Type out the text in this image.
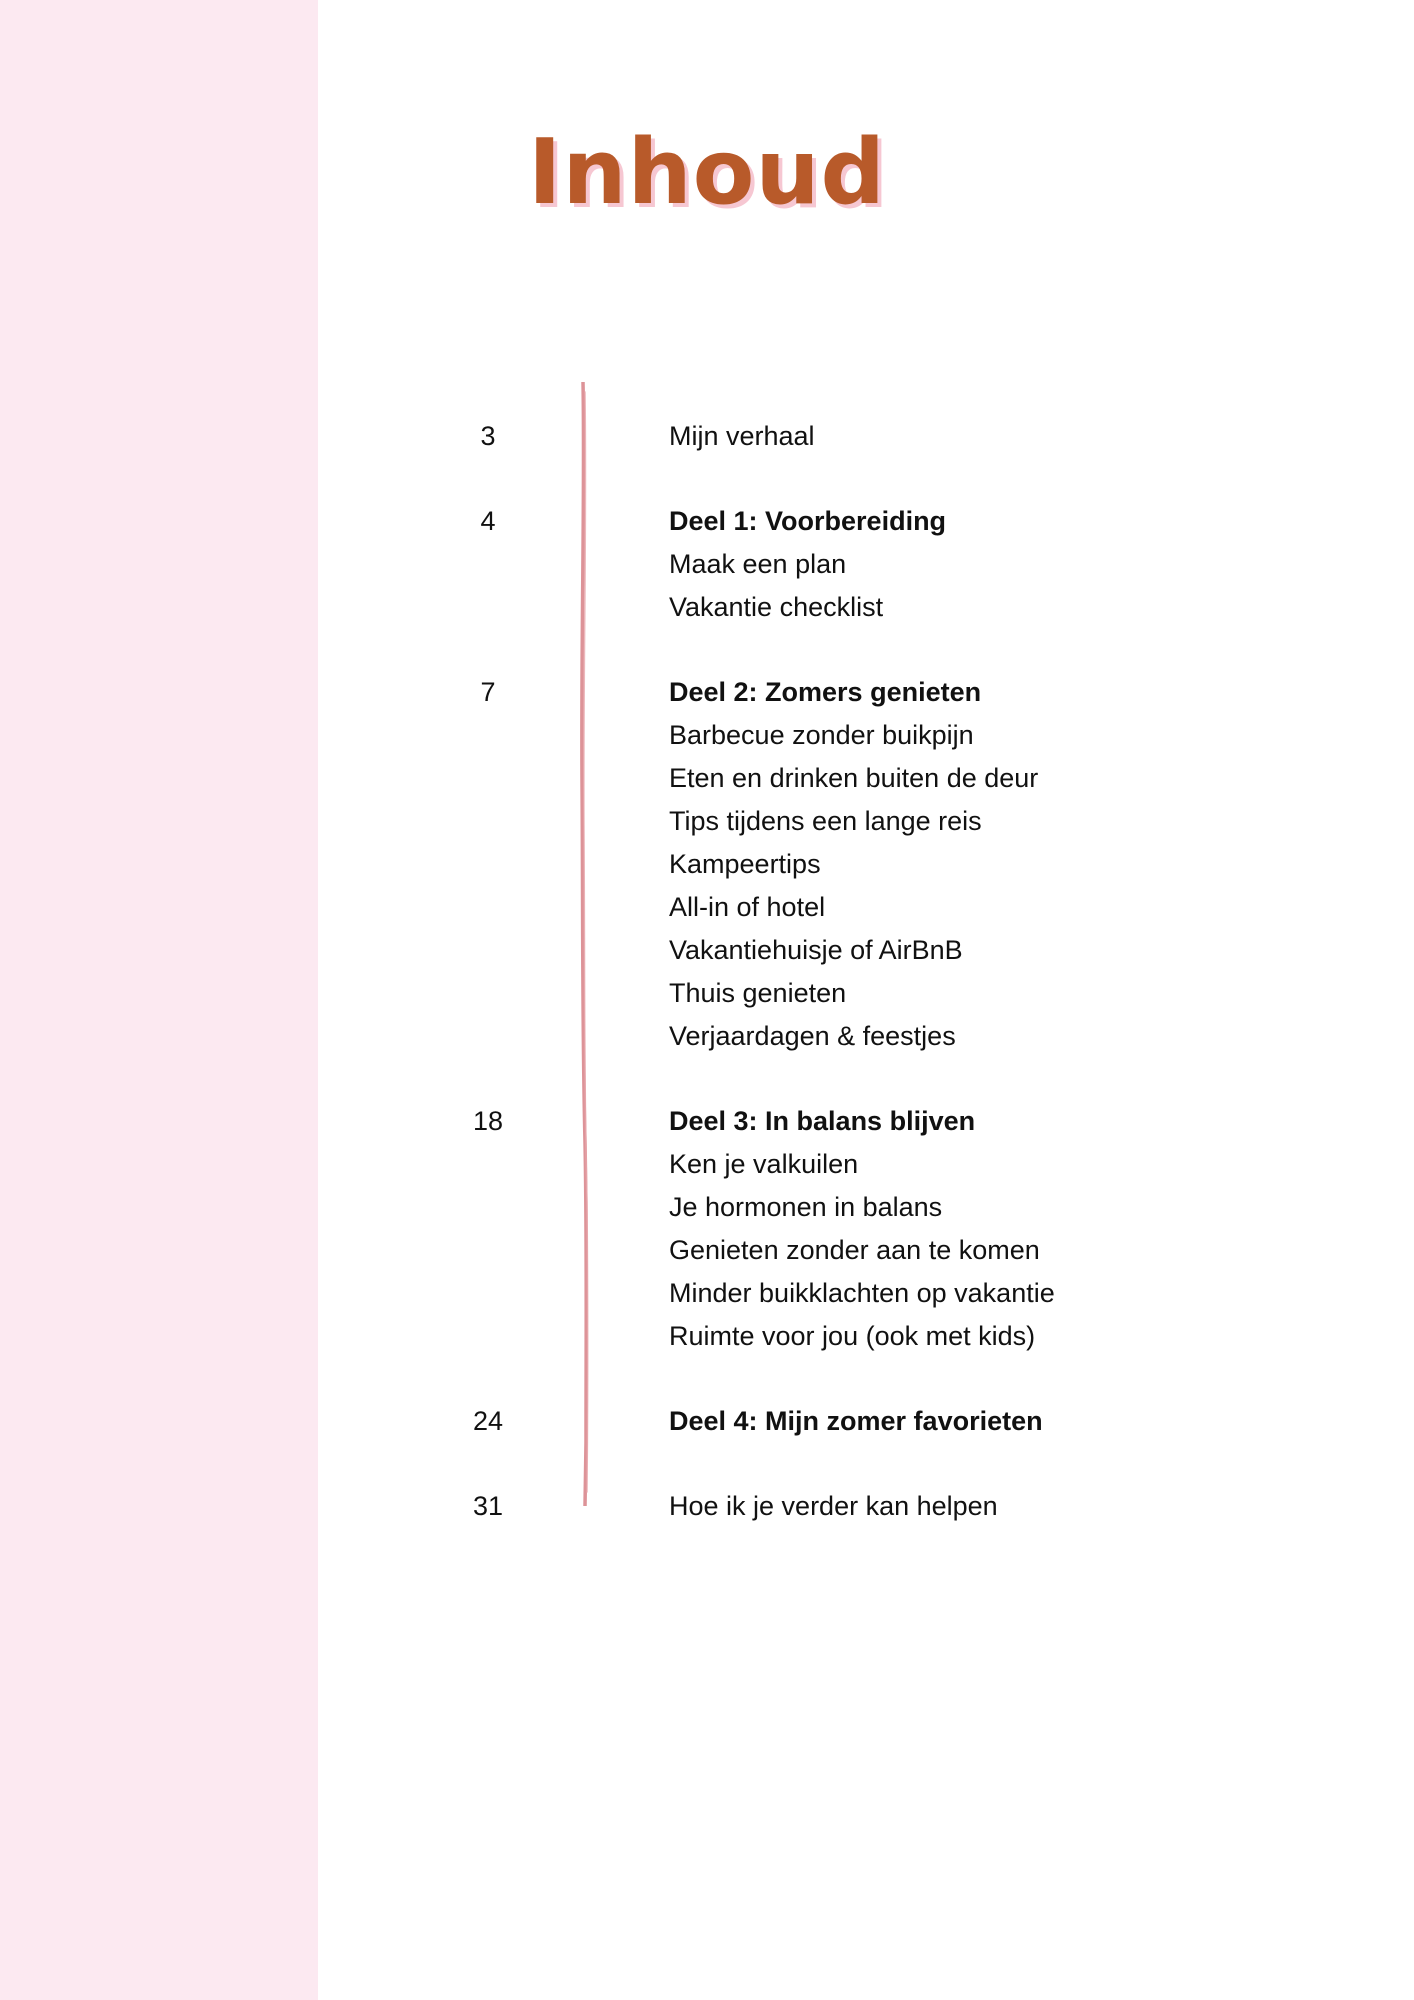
Inhoud
3	Mijn verhaal
4	Deel 1: Voorbereiding
Maak een plan
Vakantie checklist
7	Deel 2: Zomers genieten
Barbecue zonder buikpijn
Eten en drinken buiten de deur
Tips tijdens een lange reis
Kampeertips
All-in of hotel
Vakantiehuisje of AirBnB
Thuis genieten
Verjaardagen & feestjes
18	Deel 3: In balans blijven
Ken je valkuilen
Je hormonen in balans
Genieten zonder aan te komen
Minder buikklachten op vakantie
Ruimte voor jou (ook met kids)
24	Deel 4: Mijn zomer favorieten
31	Hoe ik je verder kan helpen
